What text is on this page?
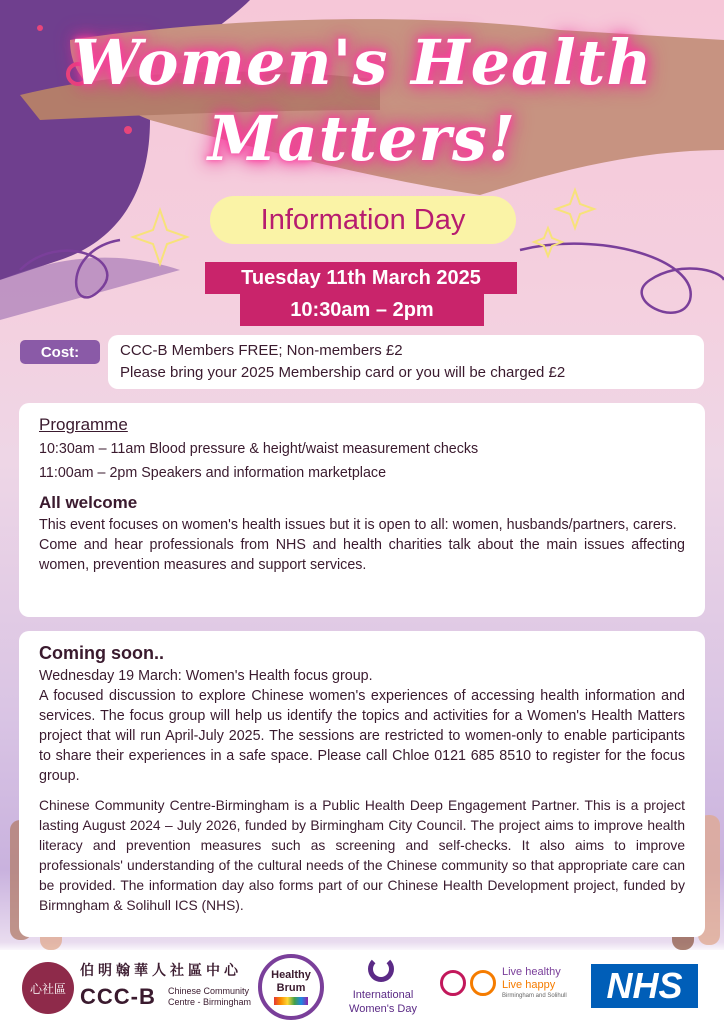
Women's Health
Matters!
Information Day
Tuesday 11th March 2025
10:30am – 2pm
Cost:	CCC-B Members FREE; Non-members £2

Please bring your 2025 Membership card or you will be charged £2

Programme

10:30am – 11am Blood pressure & height/waist measurement checks

11:00am – 2pm Speakers and information marketplace

All welcome

This event focuses on women's health issues but it is open to all: women, husbands/partners, carers.

Come and hear professionals from NHS and health charities talk about the main issues affecting women, prevention measures and support services.

Coming soon..

Wednesday 19 March: Women's Health focus group.

A focused discussion to explore Chinese women's experiences of accessing health information and services. The focus group will help us identify the topics and activities for a Women's Health Matters project that will run April-July 2025. The sessions are restricted to women-only to enable participants to share their experiences in a safe space. Please call Chloe 0121 685 8510 to register for the focus group.

Chinese Community Centre-Birmingham is a Public Health Deep Engagement Partner. This is a project lasting August 2024 – July 2026, funded by Birmingham City Council. The project aims to improve health literacy and prevention measures such as screening and self-checks. It also aims to improve professionals' understanding of the cultural needs of the Chinese community so that appropriate care can be provided. The information day also forms part of our Chinese Health Development project, funded by Birmngham & Solihull ICS (NHS).

心社區
伯明翰華人社區中心
CCC-B Chinese Community
Centre - Birmingham
Healthy
Brum
International
Women's Day
Live healthy
Live happy
Birmingham and Solihull NHS
